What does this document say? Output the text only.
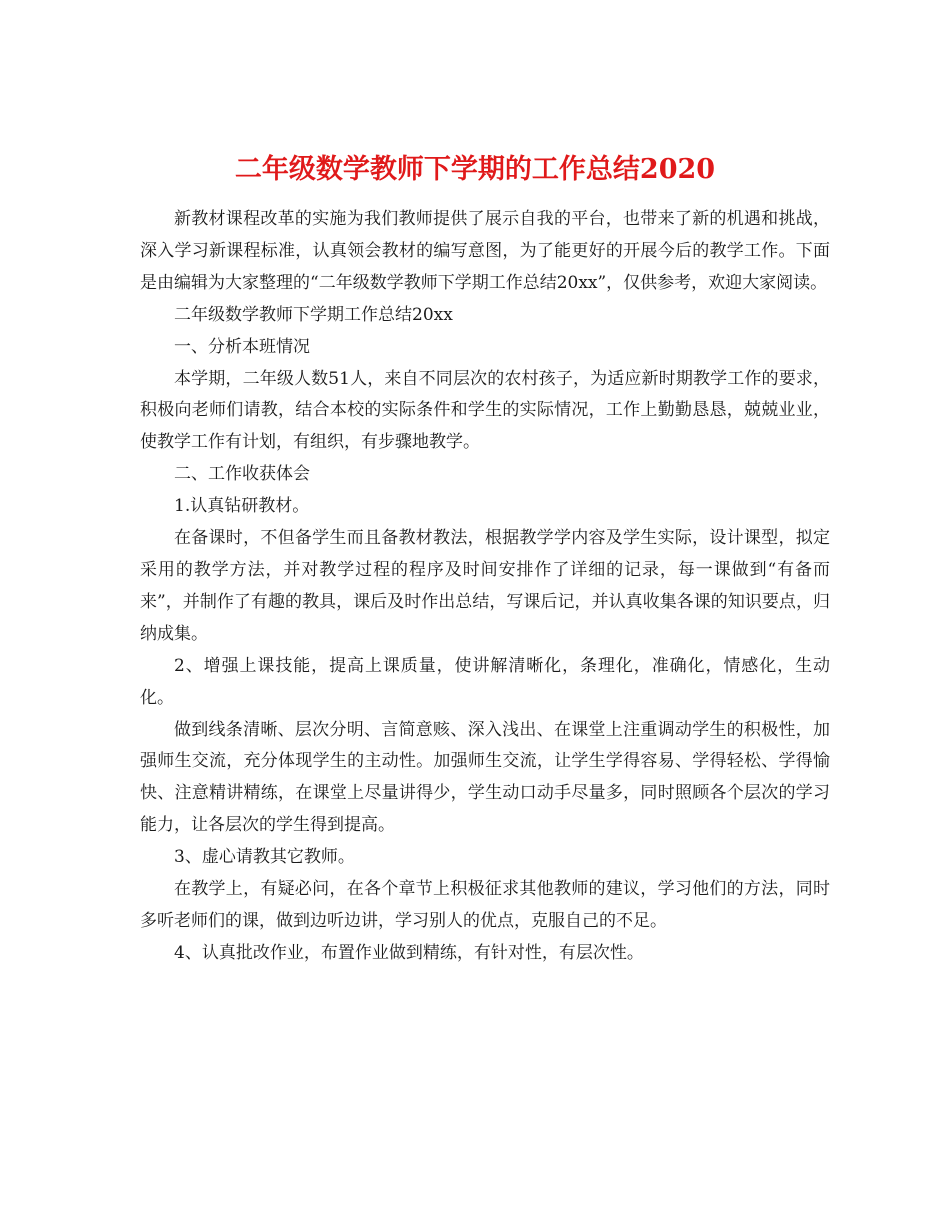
二年级数学教师下学期的工作总结2020

新教材课程改革的实施为我们教师提供了展示自我的平台，也带来了新的机遇和挑战，深入学习新课程标准，认真领会教材的编写意图，为了能更好的开展今后的教学工作。下面是由编辑为大家整理的“二年级数学教师下学期工作总结20xx”，仅供参考，欢迎大家阅读。

二年级数学教师下学期工作总结20xx

一、分析本班情况

本学期，二年级人数51人，来自不同层次的农村孩子，为适应新时期教学工作的要求， 积极向老师们请教，结合本校的实际条件和学生的实际情况，工作上勤勤恳恳，兢兢业业，使教学工作有计划，有组织，有步骤地教学。

二、工作收获体会

1.认真钻研教材。

在备课时，不但备学生而且备教材教法，根据教学学内容及学生实际，设计课型，拟定采用的教学方法，并对教学过程的程序及时间安排作了详细的记录，每一课做到“有备而来”，并制作了有趣的教具，课后及时作出总结，写课后记，并认真收集各课的知识要点，归纳成集。

2、增强上课技能，提高上课质量，使讲解清晰化，条理化，准确化，情感化，生动化。

做到线条清晰、层次分明、言简意赅、深入浅出、在课堂上注重调动学生的积极性，加强师生交流，充分体现学生的主动性。加强师生交流，让学生学得容易、学得轻松、学得愉快、注意精讲精练，在课堂上尽量讲得少，学生动口动手尽量多，同时照顾各个层次的学习能力，让各层次的学生得到提高。

3、虚心请教其它教师。

在教学上，有疑必问，在各个章节上积极征求其他教师的建议，学习他们的方法，同时多听老师们的课，做到边听边讲，学习别人的优点，克服自己的不足。

4、认真批改作业，布置作业做到精练，有针对性，有层次性。
